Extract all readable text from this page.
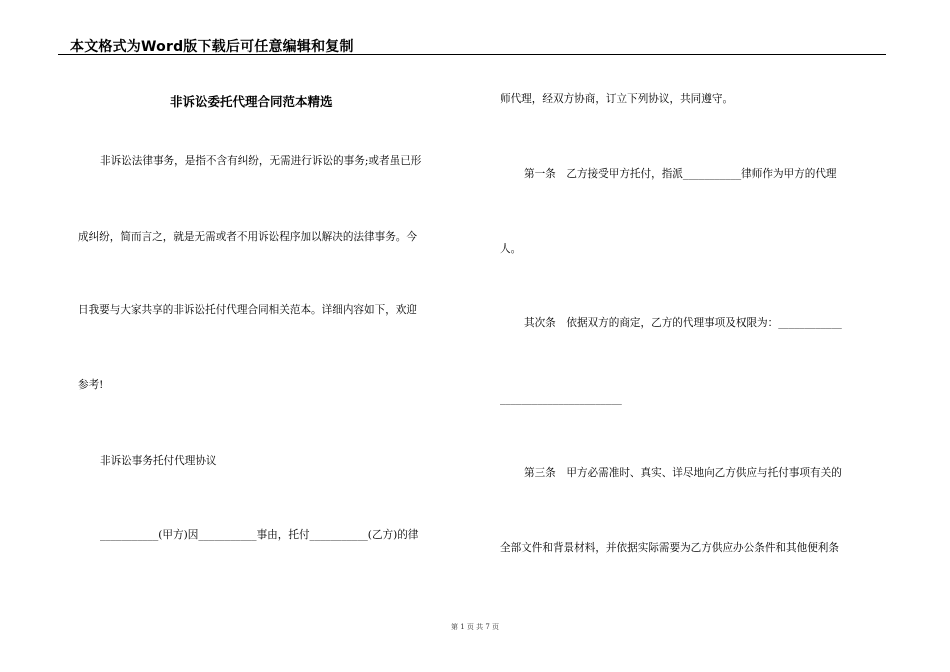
本文格式为Word版下载后可任意编辑和复制
非诉讼委托代理合同范本精选
非诉讼法律事务，是指不含有纠纷，无需进行诉讼的事务;或者虽已形
成纠纷，简而言之，就是无需或者不用诉讼程序加以解决的法律事务。今
日我要与大家共享的非诉讼托付代理合同相关范本。详细内容如下，欢迎
参考!
非诉讼事务托付代理协议
___________(甲方)因___________事由，托付___________(乙方)的律
师代理，经双方协商，订立下列协议，共同遵守。
第一条　乙方接受甲方托付，指派___________律师作为甲方的代理
人。
其次条　依据双方的商定，乙方的代理事项及权限为：____________
_______________________
第三条　甲方必需准时、真实、详尽地向乙方供应与托付事项有关的
全部文件和背景材料，并依据实际需要为乙方供应办公条件和其他便利条
第 1 页 共 7 页
